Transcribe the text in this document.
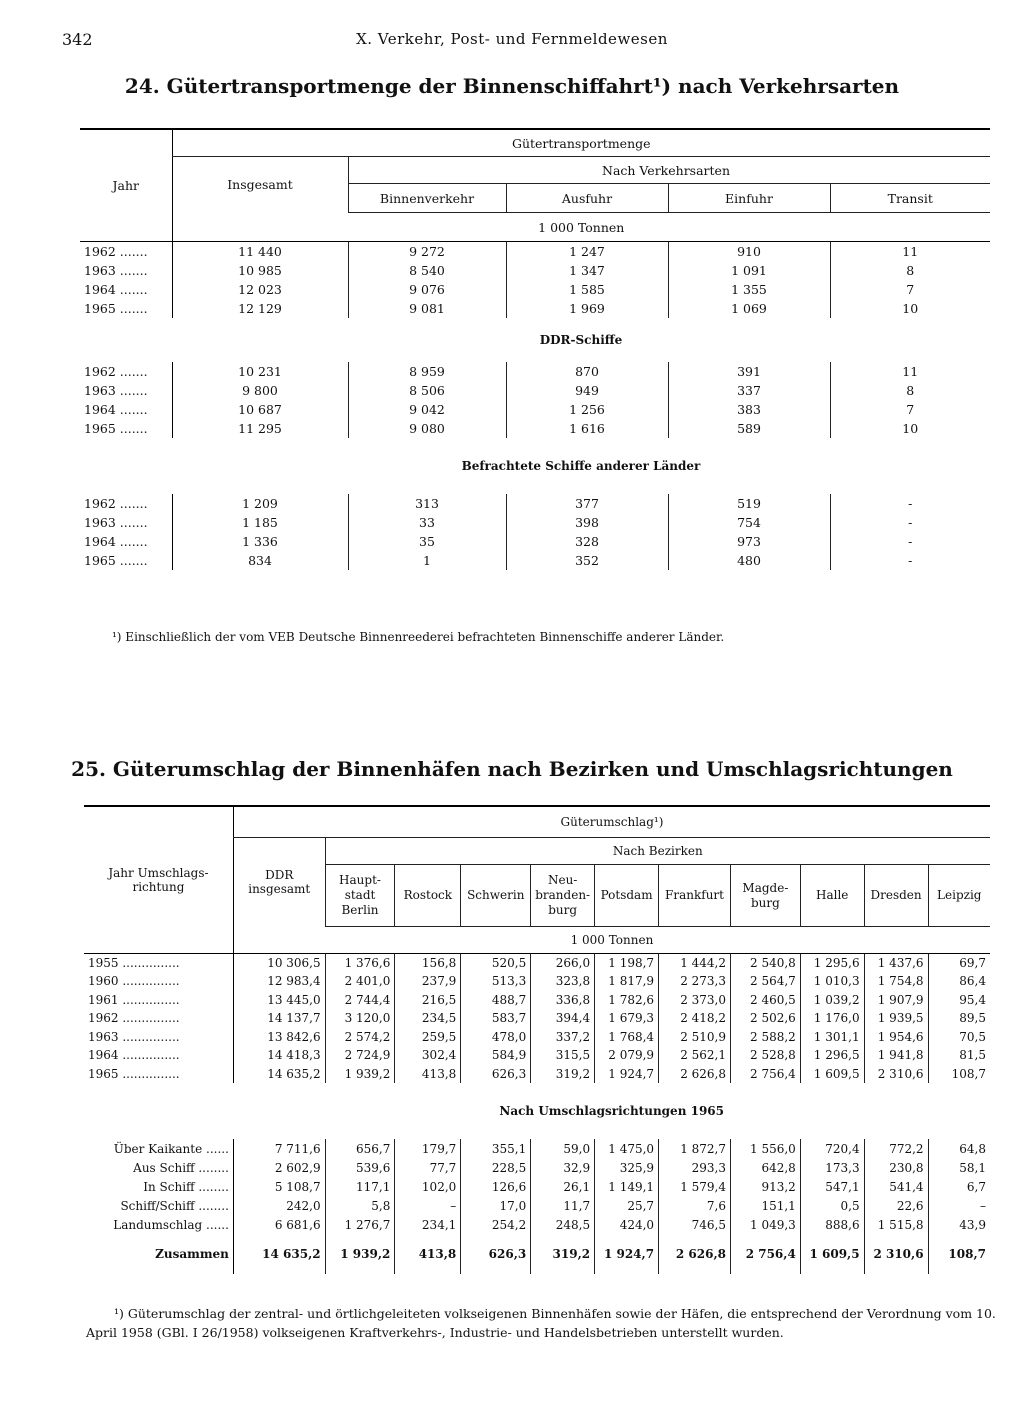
342	X. Verkehr, Post- und Fernmeldewesen
24. Gütertransportmenge der Binnenschiffahrt¹) nach Verkehrsarten
Jahr	Gütertransportmenge				
	Insgesamt	Nach Verkehrsarten			
		Binnenverkehr	Ausfuhr	Einfuhr	Transit
	1 000 Tonnen				
1962 .......	11 440	9 272	1 247	910	11
1963 .......	10 985	8 540	1 347	1 091	8
1964 .......	12 023	9 076	1 585	1 355	7
1965 .......	12 129	9 081	1 969	1 069	10
	DDR-Schiffe				
1962 .......	10 231	8 959	870	391	11
1963 .......	9 800	8 506	949	337	8
1964 .......	10 687	9 042	1 256	383	7
1965 .......	11 295	9 080	1 616	589	10
	Befrachtete Schiffe anderer Länder				
1962 .......	1 209	313	377	519	-
1963 .......	1 185	33	398	754	-
1964 .......	1 336	35	328	973	-
1965 .......	834	1	352	480	-
¹) Einschließlich der vom VEB Deutsche Binnenreederei befrachteten Binnenschiffe anderer Länder.
25. Güterumschlag der Binnenhäfen nach Bezirken und Umschlagsrichtungen
Jahr Umschlags- richtung	Güterumschlag¹)										
	DDR insgesamt	Nach Bezirken									
		Haupt- stadt Berlin	Rostock	Schwerin	Neu- branden- burg	Potsdam	Frankfurt	Magde- burg	Halle	Dresden	Leipzig
	1 000 Tonnen										
1955 ...............	10 306,5	1 376,6	156,8	520,5	266,0	1 198,7	1 444,2	2 540,8	1 295,6	1 437,6	69,7
1960 ...............	12 983,4	2 401,0	237,9	513,3	323,8	1 817,9	2 273,3	2 564,7	1 010,3	1 754,8	86,4
1961 ...............	13 445,0	2 744,4	216,5	488,7	336,8	1 782,6	2 373,0	2 460,5	1 039,2	1 907,9	95,4
1962 ...............	14 137,7	3 120,0	234,5	583,7	394,4	1 679,3	2 418,2	2 502,6	1 176,0	1 939,5	89,5
1963 ...............	13 842,6	2 574,2	259,5	478,0	337,2	1 768,4	2 510,9	2 588,2	1 301,1	1 954,6	70,5
1964 ...............	14 418,3	2 724,9	302,4	584,9	315,5	2 079,9	2 562,1	2 528,8	1 296,5	1 941,8	81,5
1965 ...............	14 635,2	1 939,2	413,8	626,3	319,2	1 924,7	2 626,8	2 756,4	1 609,5	2 310,6	108,7
	Nach Umschlagsrichtungen 1965										
Über Kaikante ......	7 711,6	656,7	179,7	355,1	59,0	1 475,0	1 872,7	1 556,0	720,4	772,2	64,8
Aus Schiff ........	2 602,9	539,6	77,7	228,5	32,9	325,9	293,3	642,8	173,3	230,8	58,1
In Schiff ........	5 108,7	117,1	102,0	126,6	26,1	1 149,1	1 579,4	913,2	547,1	541,4	6,7
Schiff/Schiff ........	242,0	5,8	–	17,0	11,7	25,7	7,6	151,1	0,5	22,6	–
Landumschlag ......	6 681,6	1 276,7	234,1	254,2	248,5	424,0	746,5	1 049,3	888,6	1 515,8	43,9
Zusammen	14 635,2	1 939,2	413,8	626,3	319,2	1 924,7	2 626,8	2 756,4	1 609,5	2 310,6	108,7
¹) Güterumschlag der zentral- und örtlichgeleiteten volkseigenen Binnenhäfen sowie der Häfen, die entsprechend der Verordnung vom 10. April 1958 (GBl. I 26/1958) volkseigenen Kraftverkehrs-, Industrie- und Handelsbetrieben unterstellt wurden.
